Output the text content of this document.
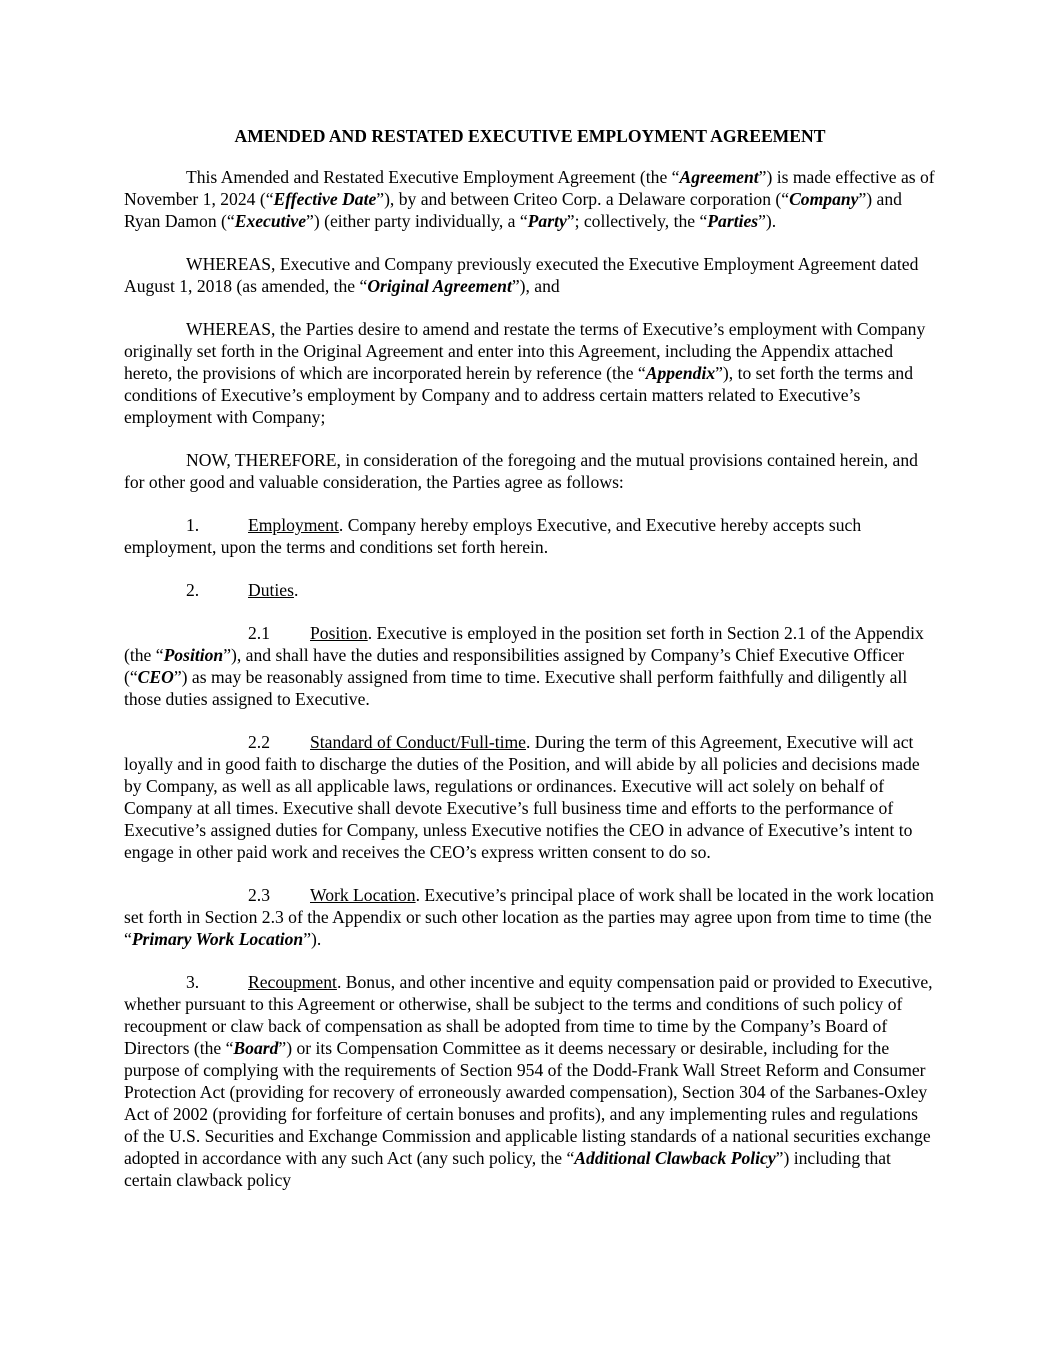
AMENDED AND RESTATED EXECUTIVE EMPLOYMENT AGREEMENT

This Amended and Restated Executive Employment Agreement (the “Agreement”) is made effective as of November 1, 2024 (“Effective Date”), by and between Criteo Corp. a Delaware corporation (“Company”) and Ryan Damon (“Executive”) (either party individually, a “Party”; collectively, the “Parties”).

WHEREAS, Executive and Company previously executed the Executive Employment Agreement dated August 1, 2018 (as amended, the “Original Agreement”), and

WHEREAS, the Parties desire to amend and restate the terms of Executive’s employment with Company originally set forth in the Original Agreement and enter into this Agreement, including the Appendix attached hereto, the provisions of which are incorporated herein by reference (the “Appendix”), to set forth the terms and conditions of Executive’s employment by Company and to address certain matters related to Executive’s employment with Company;

NOW, THEREFORE, in consideration of the foregoing and the mutual provisions contained herein, and for other good and valuable consideration, the Parties agree as follows:

1.	Employment. Company hereby employs Executive, and Executive hereby accepts such employment, upon the terms and conditions set forth herein.

2.	Duties.

2.1 Position. Executive is employed in the position set forth in Section 2.1 of the Appendix (the “Position”), and shall have the duties and responsibilities assigned by Company’s Chief Executive Officer (“CEO”) as may be reasonably assigned from time to time. Executive shall perform faithfully and diligently all those duties assigned to Executive.

2.2 Standard of Conduct/Full-time. During the term of this Agreement, Executive will act loyally and in good faith to discharge the duties of the Position, and will abide by all policies and decisions made by Company, as well as all applicable laws, regulations or ordinances. Executive will act solely on behalf of Company at all times. Executive shall devote Executive’s full business time and efforts to the performance of Executive’s assigned duties for Company, unless Executive notifies the CEO in advance of Executive’s intent to engage in other paid work and receives the CEO’s express written consent to do so.

2.3 Work Location. Executive’s principal place of work shall be located in the work location set forth in Section 2.3 of the Appendix or such other location as the parties may agree upon from time to time (the “Primary Work Location”).

3.	Recoupment. Bonus, and other incentive and equity compensation paid or provided to Executive, whether pursuant to this Agreement or otherwise, shall be subject to the terms and conditions of such policy of recoupment or claw back of compensation as shall be adopted from time to time by the Company’s Board of Directors (the “Board”) or its Compensation Committee as it deems necessary or desirable, including for the purpose of complying with the requirements of Section 954 of the Dodd-Frank Wall Street Reform and Consumer Protection Act (providing for recovery of erroneously awarded compensation), Section 304 of the Sarbanes-Oxley Act of 2002 (providing for forfeiture of certain bonuses and profits), and any implementing rules and regulations of the U.S. Securities and Exchange Commission and applicable listing standards of a national securities exchange adopted in accordance with any such Act (any such policy, the “Additional Clawback Policy”) including that certain clawback policy
